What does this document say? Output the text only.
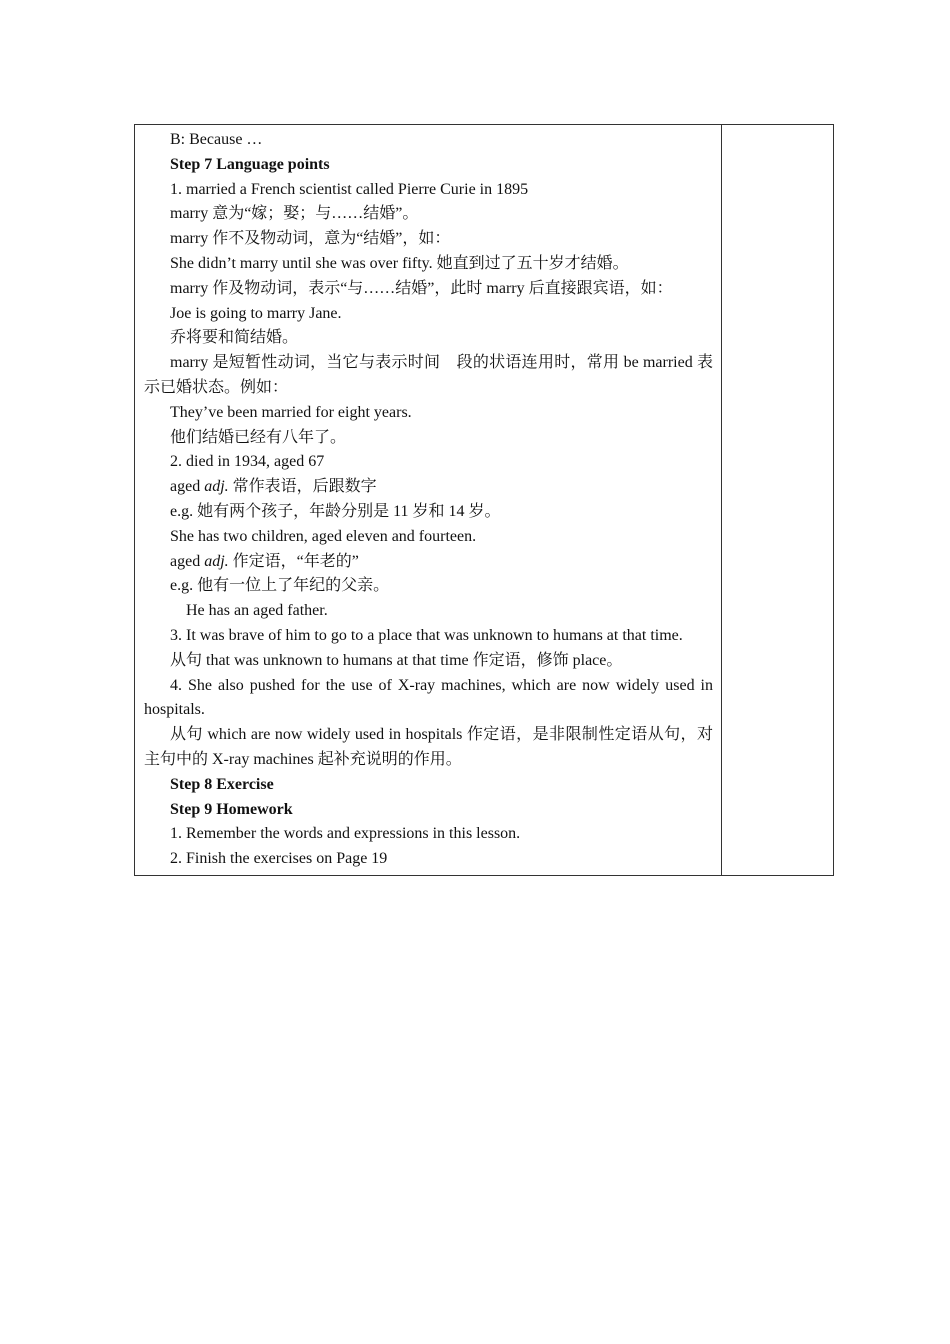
B: Because …
Step 7 Language points
1. married a French scientist called Pierre Curie in 1895
marry 意为“嫁；娶；与……结婚”。
marry 作不及物动词，意为“结婚”，如：
She didn’t marry until she was over fifty. 她直到过了五十岁才结婚。
marry 作及物动词，表示“与……结婚”，此时 marry 后直接跟宾语，如：
Joe is going to marry Jane.
乔将要和简结婚。
marry 是短暂性动词，当它与表示时间　段的状语连用时，常用 be married 表示已婚状态。例如：
They’ve been married for eight years.
他们结婚已经有八年了。
2. died in 1934, aged 67
aged adj. 常作表语，后跟数字
e.g. 她有两个孩子，年龄分别是 11 岁和 14 岁。
She has two children, aged eleven and fourteen.
aged adj. 作定语，“年老的”
e.g. 他有一位上了年纪的父亲。
He has an aged father.
3. It was brave of him to go to a place that was unknown to humans at that time.
从句 that was unknown to humans at that time 作定语，修饰 place。
4. She also pushed for the use of X-ray machines, which are now widely used in hospitals.
从句 which are now widely used in hospitals 作定语，是非限制性定语从句，对主句中的 X-ray machines 起补充说明的作用。
Step 8 Exercise
Step 9 Homework
1. Remember the words and expressions in this lesson.
2. Finish the exercises on Page 19
